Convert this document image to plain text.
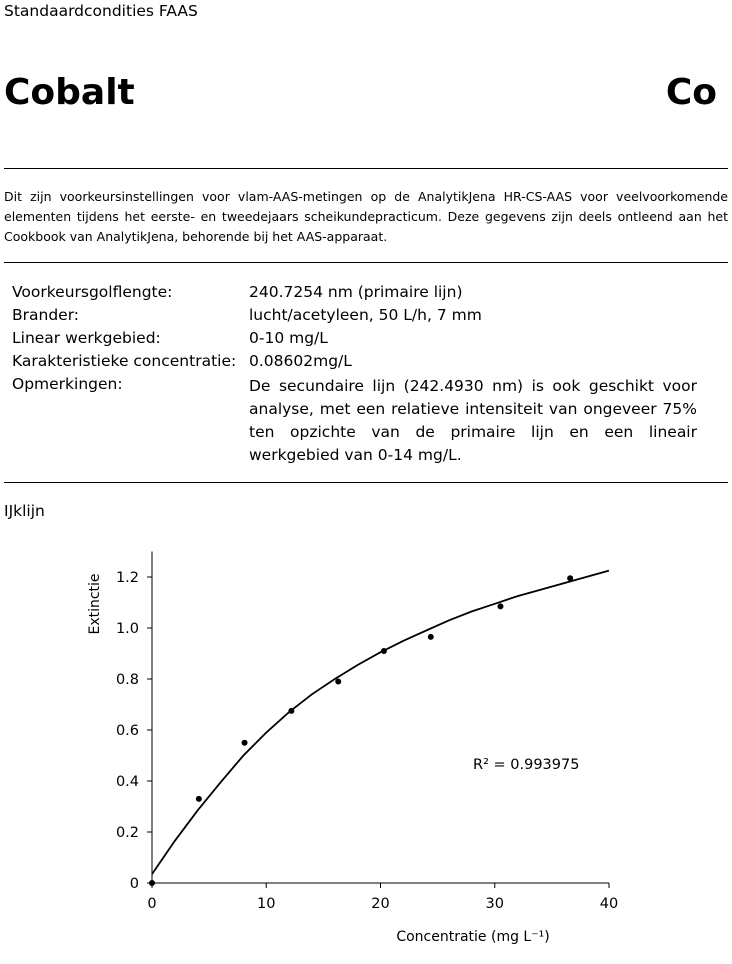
Standaardcondities FAAS
Cobalt	Co
Dit zijn voorkeursinstellingen voor vlam-AAS-metingen op de AnalytikJena HR-CS-AAS voor veelvoorkomende elementen tijdens het eerste- en tweedejaars scheikundepracticum. Deze gegevens zijn deels ontleend aan het Cookbook van AnalytikJena, behorende bij het AAS-apparaat.
Voorkeursgolflengte:	240.7254 nm (primaire lijn)
Brander:	lucht/acetyleen, 50 L/h, 7 mm
Linear werkgebied:	0-10 mg/L
Karakteristieke concentratie: 0.08602mg/L
Opmerkingen:	De secundaire lijn (242.4930 nm) is ook geschikt voor analyse, met een relatieve intensiteit van ongeveer 75% ten opzichte van de primaire lijn en een lineair werkgebied van 0-14 mg/L.
IJklijn
0
0.2
0.4
0.6
0.8
1.0
1.2
0	10	20	30	40
Extinctie
Concentratie (mg L⁻¹)
R² = 0.993975
